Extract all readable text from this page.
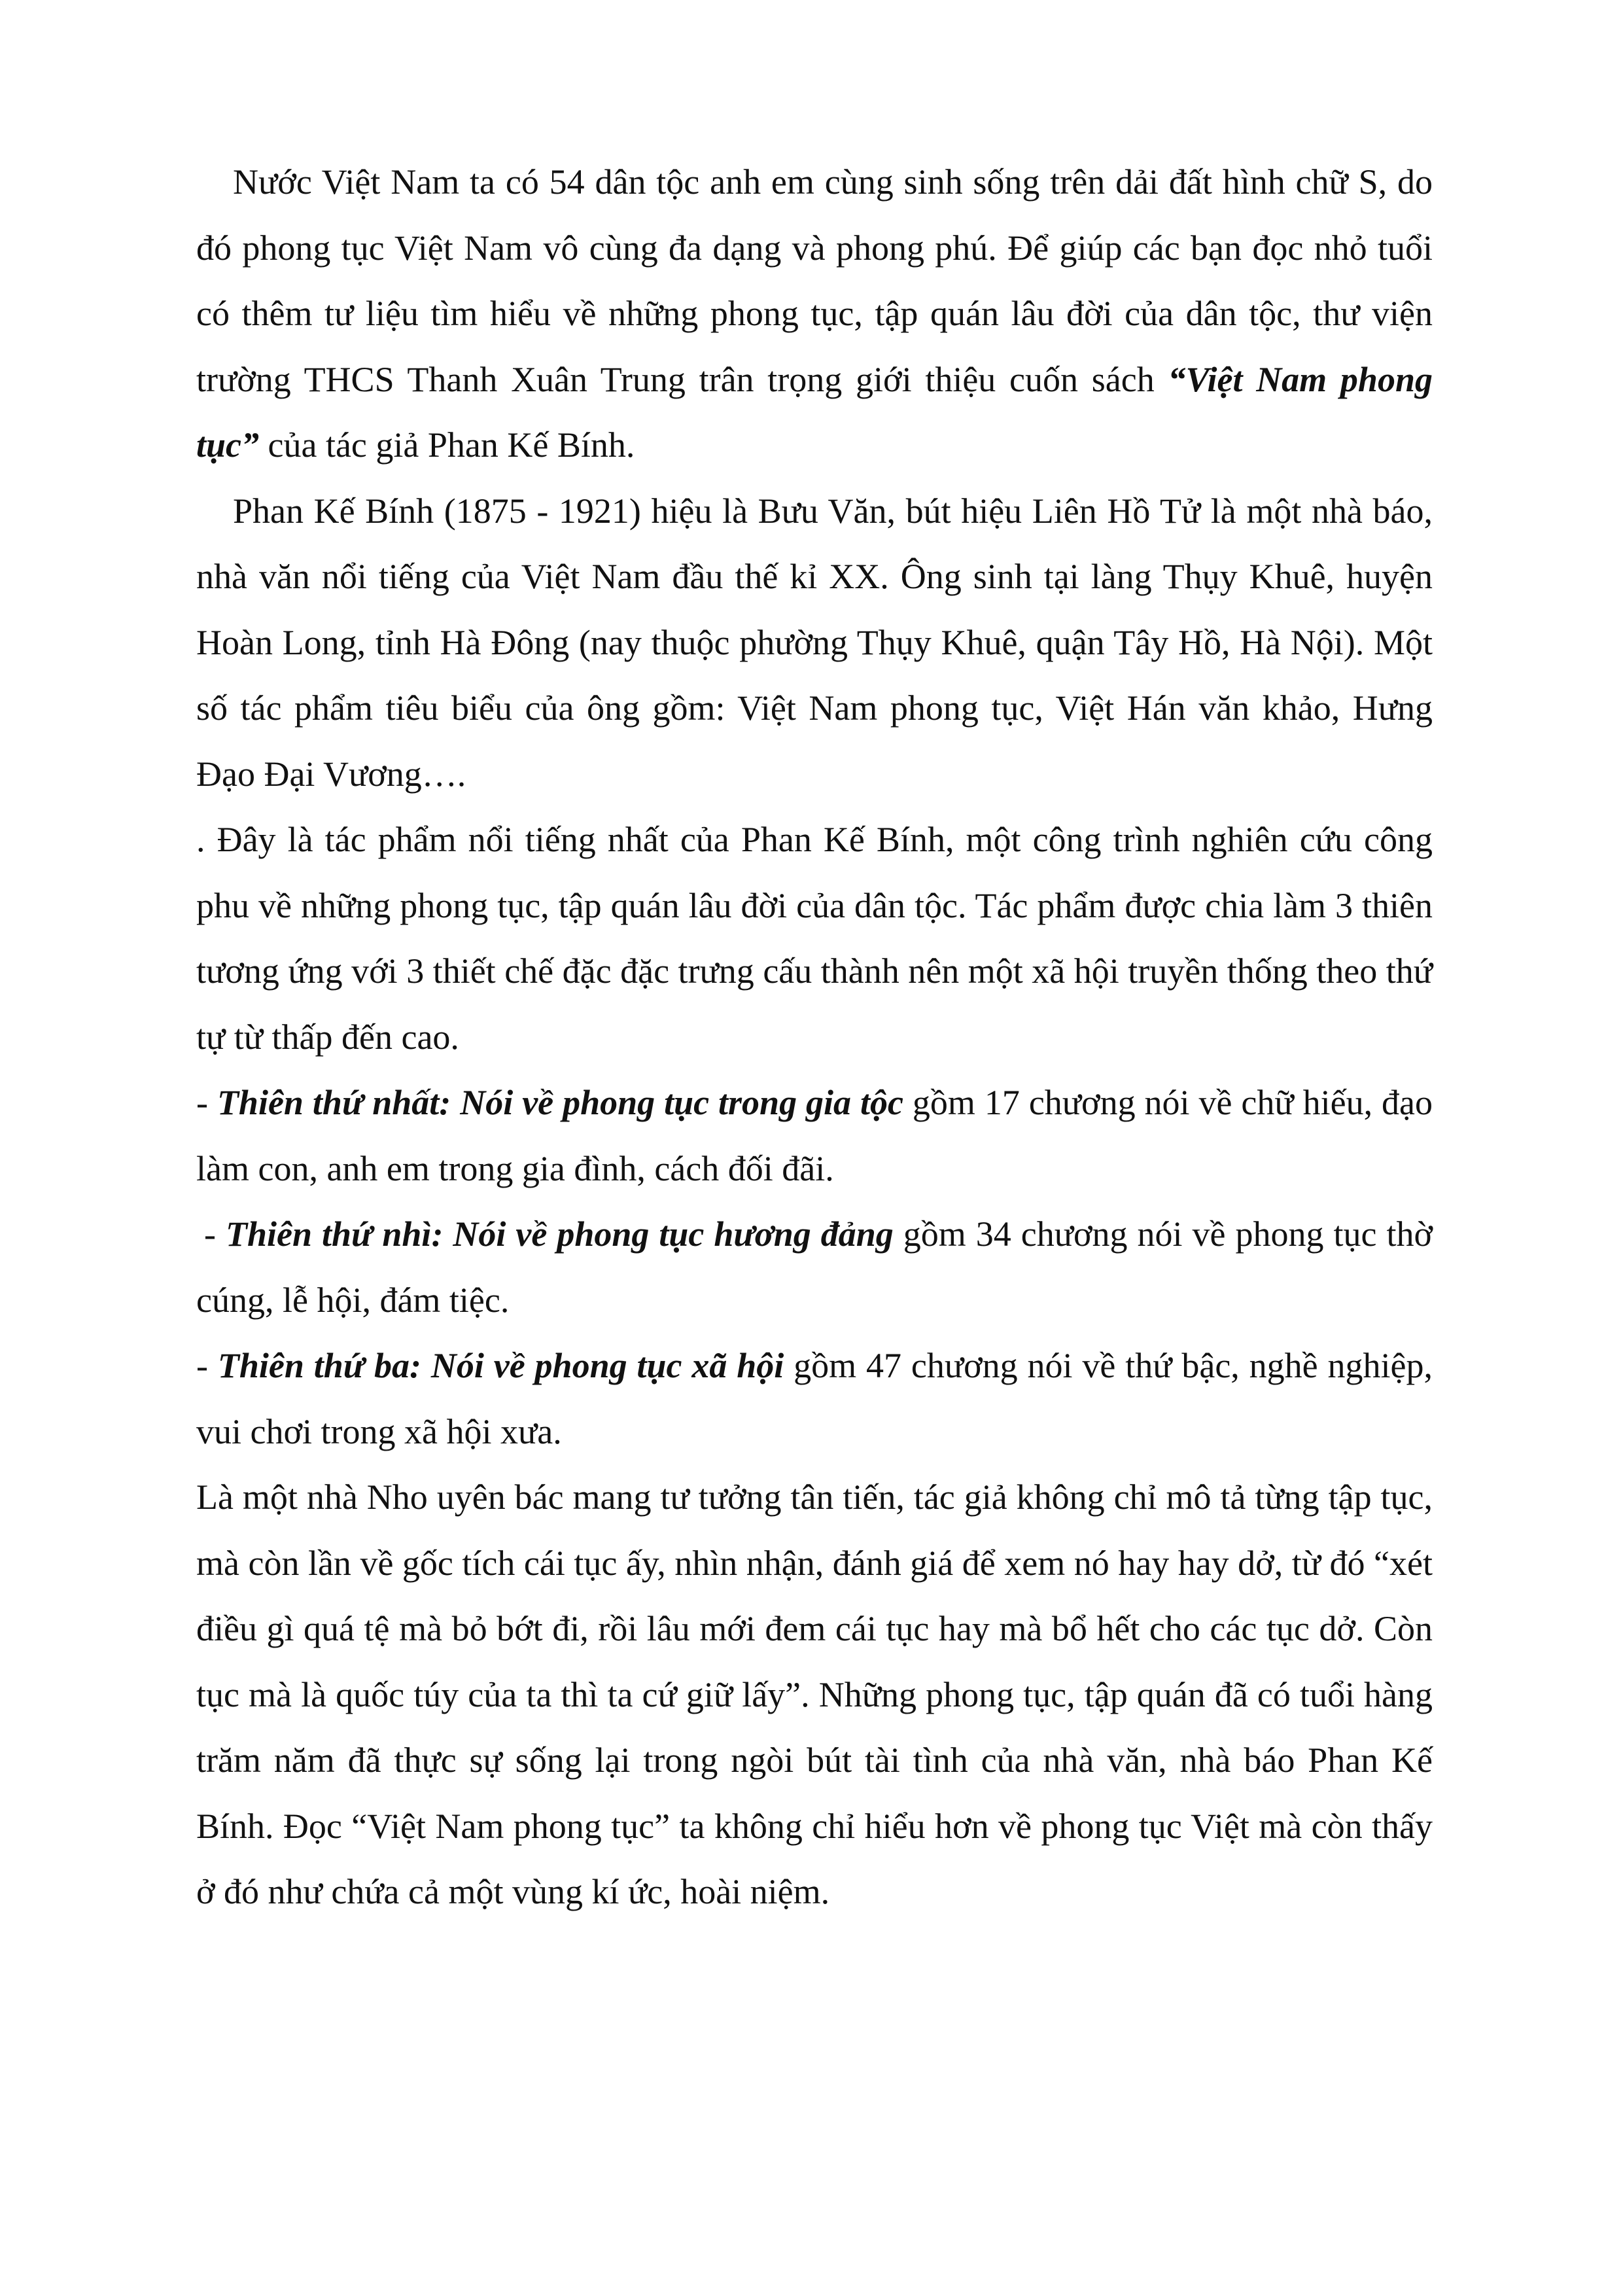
Nước Việt Nam ta có 54 dân tộc anh em cùng sinh sống trên dải đất hình chữ S, do đó phong tục Việt Nam vô cùng đa dạng và phong phú. Để giúp các bạn đọc nhỏ tuổi có thêm tư liệu tìm hiểu về những phong tục, tập quán lâu đời của dân tộc, thư viện trường THCS Thanh Xuân Trung trân trọng giới thiệu cuốn sách “Việt Nam phong tục” của tác giả Phan Kế Bính.

Phan Kế Bính (1875 - 1921) hiệu là Bưu Văn, bút hiệu Liên Hồ Tử là một nhà báo, nhà văn nổi tiếng của Việt Nam đầu thế kỉ XX. Ông sinh tại làng Thụy Khuê, huyện Hoàn Long, tỉnh Hà Đông (nay thuộc phường Thụy Khuê, quận Tây Hồ, Hà Nội). Một số tác phẩm tiêu biểu của ông gồm: Việt Nam phong tục, Việt Hán văn khảo, Hưng Đạo Đại Vương….

. Đây là tác phẩm nổi tiếng nhất của Phan Kế Bính, một công trình nghiên cứu công phu về những phong tục, tập quán lâu đời của dân tộc. Tác phẩm được chia làm 3 thiên tương ứng với 3 thiết chế đặc đặc trưng cấu thành nên một xã hội truyền thống theo thứ tự từ thấp đến cao.

- Thiên thứ nhất: Nói về phong tục trong gia tộc gồm 17 chương nói về chữ hiếu, đạo làm con, anh em trong gia đình, cách đối đãi.

- Thiên thứ nhì: Nói về phong tục hương đảng gồm 34 chương nói về phong tục thờ cúng, lễ hội, đám tiệc.

- Thiên thứ ba: Nói về phong tục xã hội gồm 47 chương nói về thứ bậc, nghề nghiệp, vui chơi trong xã hội xưa.

Là một nhà Nho uyên bác mang tư tưởng tân tiến, tác giả không chỉ mô tả từng tập tục, mà còn lần về gốc tích cái tục ấy, nhìn nhận, đánh giá để xem nó hay hay dở, từ đó “xét điều gì quá tệ mà bỏ bớt đi, rồi lâu mới đem cái tục hay mà bổ hết cho các tục dở. Còn tục mà là quốc túy của ta thì ta cứ giữ lấy”. Những phong tục, tập quán đã có tuổi hàng trăm năm đã thực sự sống lại trong ngòi bút tài tình của nhà văn, nhà báo Phan Kế Bính. Đọc “Việt Nam phong tục” ta không chỉ hiểu hơn về phong tục Việt mà còn thấy ở đó như chứa cả một vùng kí ức, hoài niệm.
